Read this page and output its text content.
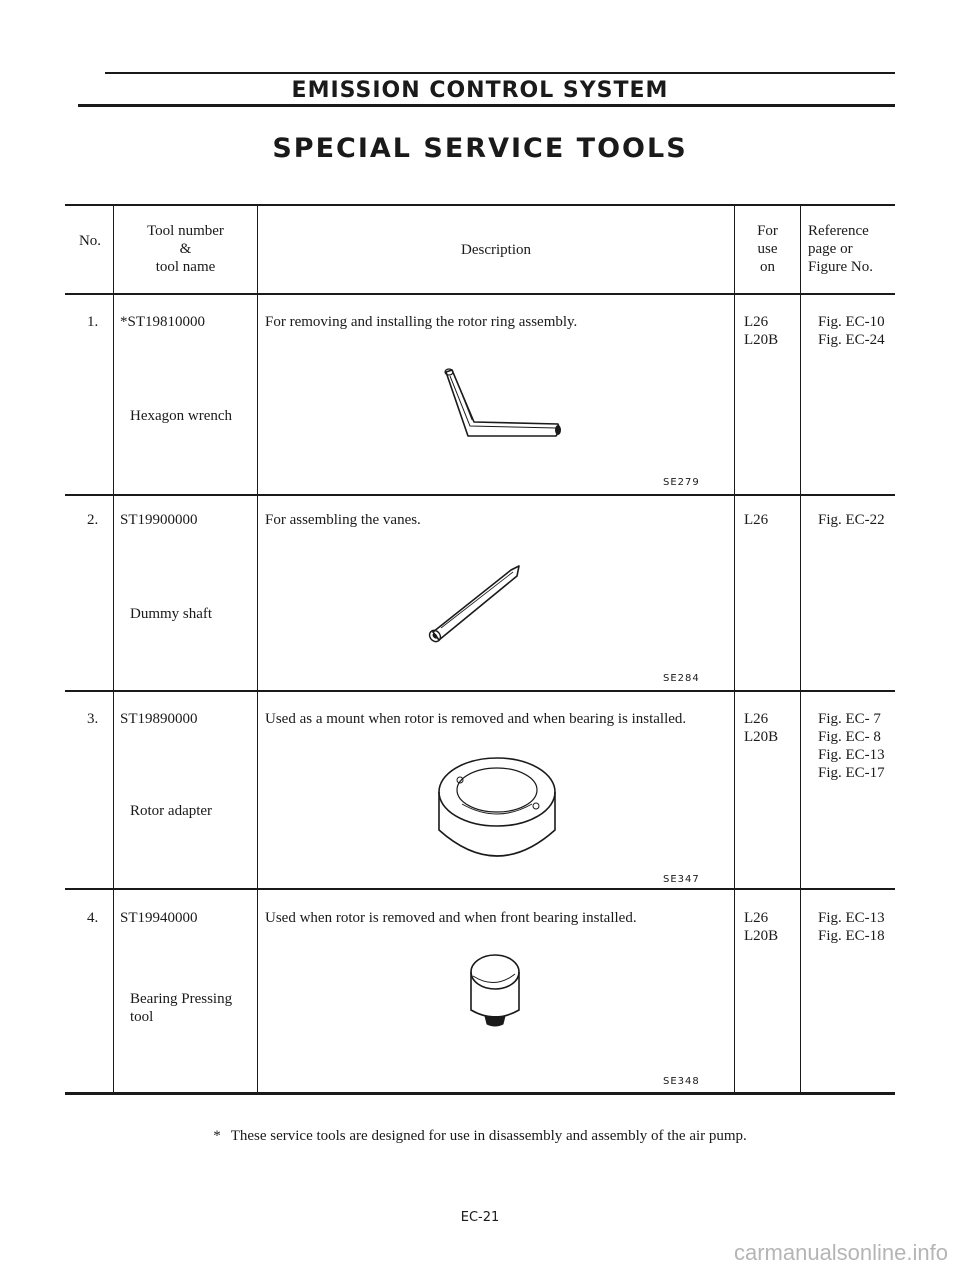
EMISSION CONTROL SYSTEM
SPECIAL SERVICE TOOLS
No.
Tool number
&
tool name
Description
For
use
on
Reference
page or
Figure No.
1. *ST19810000
Hexagon wrench
For removing and installing the rotor ring assembly.
SE279
L26
L20B
Fig. EC-10
Fig. EC-24
2. ST19900000
Dummy shaft
For assembling the vanes.
SE284
L26	Fig. EC-22
3. ST19890000
Rotor adapter
Used as a mount when rotor is removed and when bearing is installed.
SE347
L26
L20B
Fig. EC- 7
Fig. EC- 8
Fig. EC-13
Fig. EC-17
4. ST19940000
Bearing Pressing
tool
Used when rotor is removed and when front bearing installed.
SE348
L26
L20B
Fig. EC-13
Fig. EC-18
* These service tools are designed for use in disassembly and assembly of the air pump.
EC-21
carmanualsonline.info
